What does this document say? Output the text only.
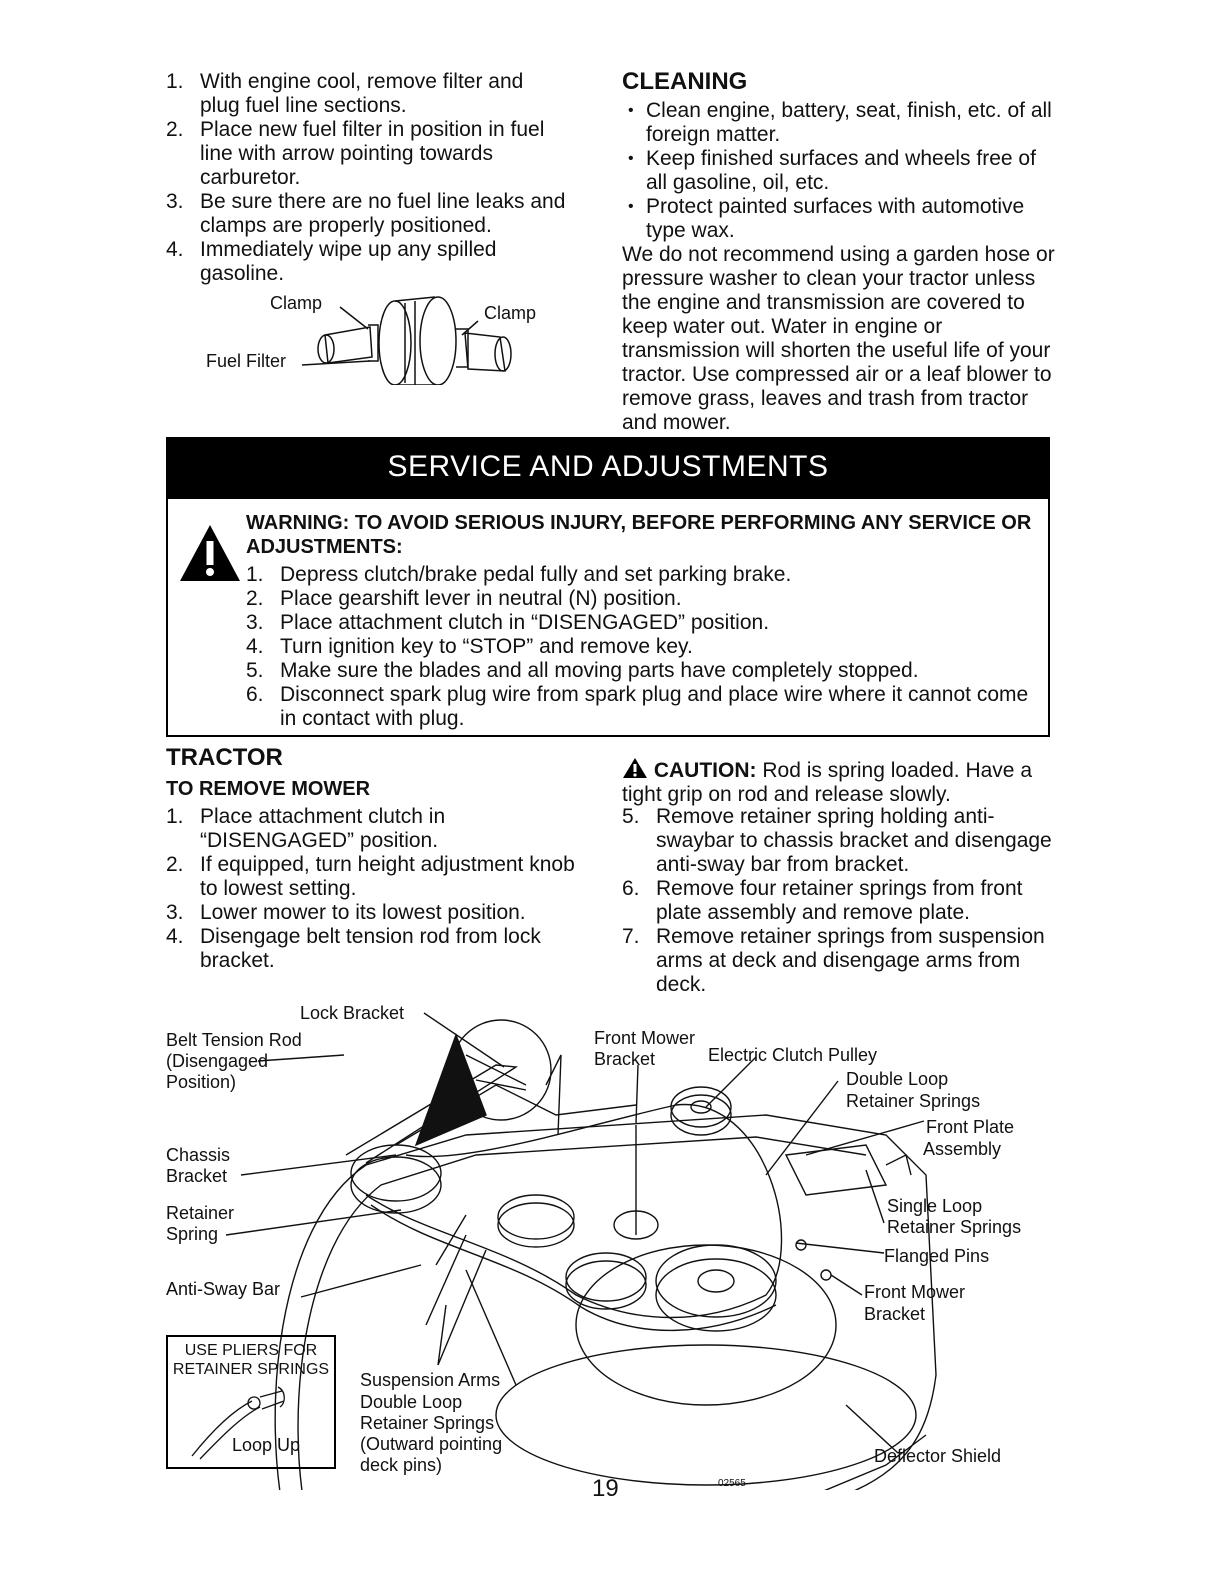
1. With engine cool, remove filter and plug fuel line sections.
2. Place new fuel filter in position in fuel line with arrow pointing towards carburetor.
3. Be sure there are no fuel line leaks and clamps are properly positioned.
4. Immediately wipe up any spilled gasoline.
Clamp	Clamp
Fuel Filter
CLEANING
• Clean engine, battery, seat, finish, etc. of all foreign matter.
• Keep finished surfaces and wheels free of all gasoline, oil, etc.
• Protect painted surfaces with automotive type wax.

We do not recommend using a garden hose or pressure washer to clean your tractor unless the engine and transmission are covered to keep water out. Water in engine or transmission will shorten the useful life of your tractor. Use compressed air or a leaf blower to remove grass, leaves and trash from tractor and mower.

SERVICE AND ADJUSTMENTS
WARNING: TO AVOID SERIOUS INJURY, BEFORE PERFORMING ANY SERVICE OR ADJUSTMENTS:
1. Depress clutch/brake pedal fully and set parking brake.
2. Place gearshift lever in neutral (N) position.
3. Place attachment clutch in “DISENGAGED” position.
4. Turn ignition key to “STOP” and remove key.
5. Make sure the blades and all moving parts have completely stopped.
6. Disconnect spark plug wire from spark plug and place wire where it cannot come in contact with plug.
TRACTOR
TO REMOVE MOWER
1. Place attachment clutch in “DISENGAGED” position.
2. If equipped, turn height adjustment knob to lowest setting.
3. Lower mower to its lowest position.
4. Disengage belt tension rod from lock bracket.
CAUTION: Rod is spring loaded. Have a tight grip on rod and release slowly.
5. Remove retainer spring holding anti-swaybar to chassis bracket and disengage anti-sway bar from bracket.
6. Remove four retainer springs from front plate assembly and remove plate.
7. Remove retainer springs from suspension arms at deck and disengage arms from deck.
Lock Bracket
Belt Tension Rod
(Disengaged
Position)
Chassis
Bracket
Retainer
Spring
Anti-Sway Bar
Front Mower
Bracket	Electric Clutch Pulley
Double Loop
Retainer Springs
Front Plate
Assembly
Single Loop
Retainer Springs
Flanged Pins
Front Mower
Bracket
Suspension Arms
Double Loop
Retainer Springs
(Outward pointing
deck pins)	Deflector Shield
02565
USE PLIERS FOR
RETAINER SPRINGS
Loop Up
19
